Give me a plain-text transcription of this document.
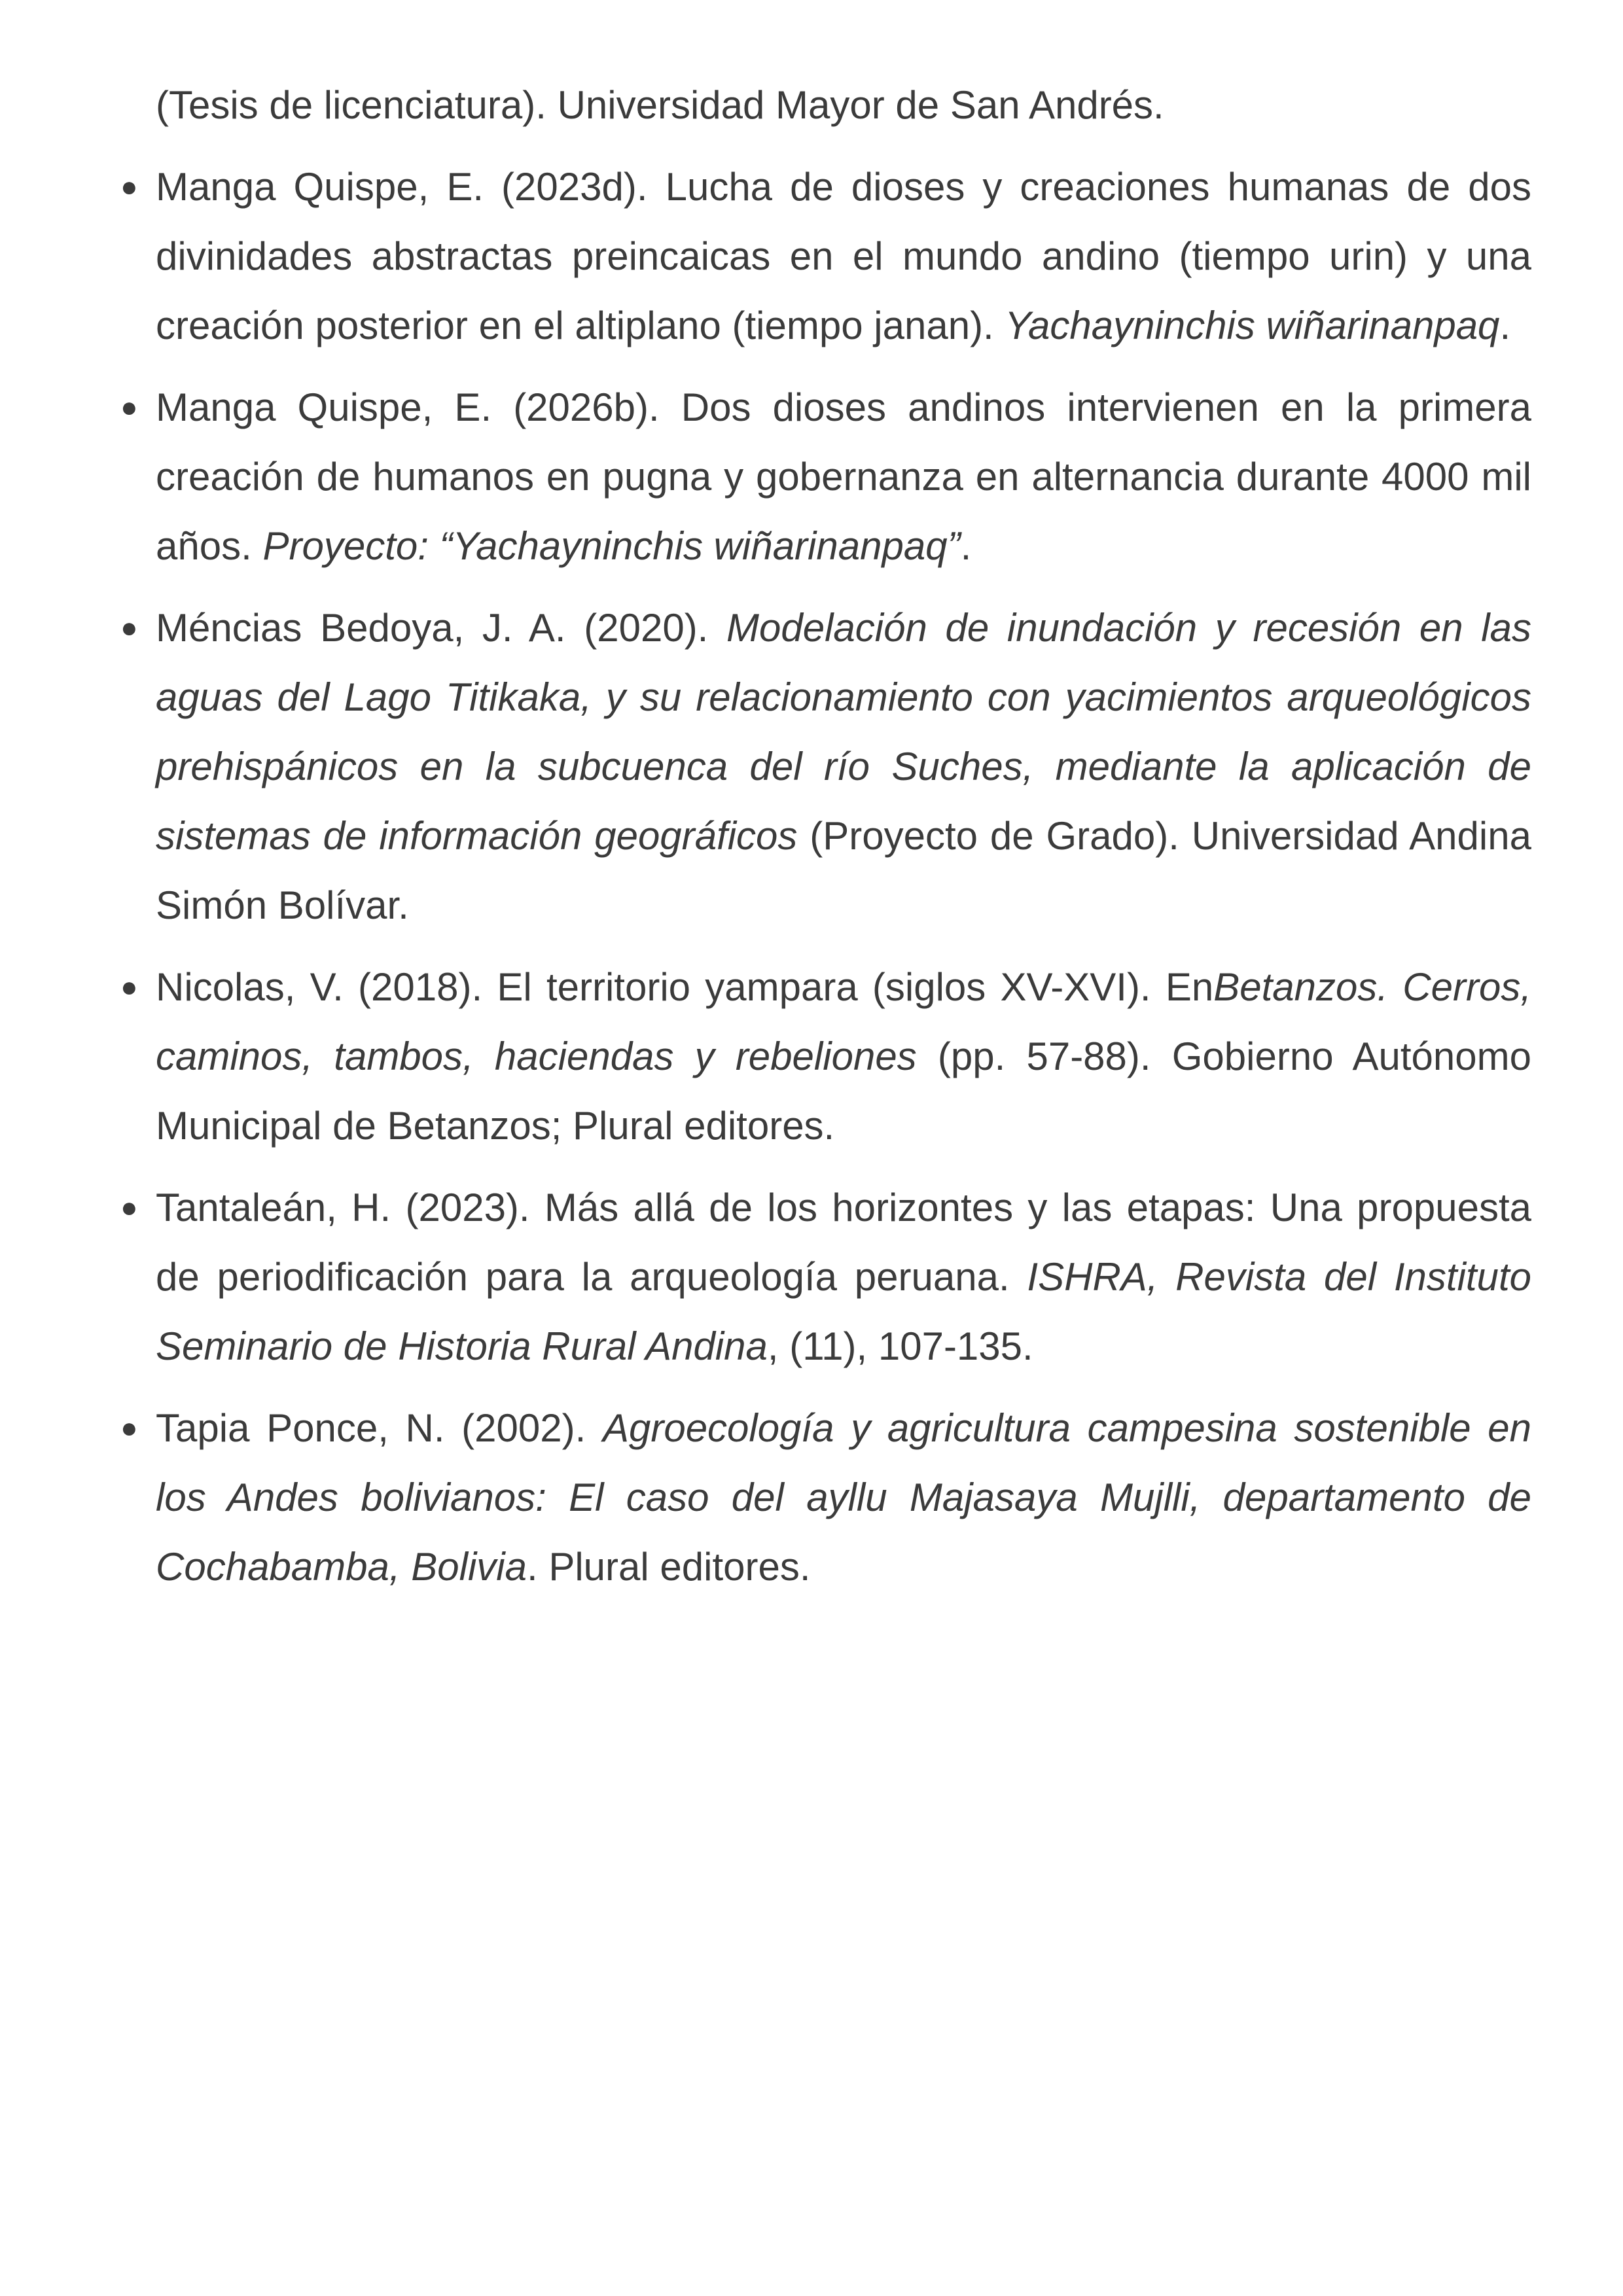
(Tesis de licenciatura). Universidad Mayor de San Andrés.

● Manga Quispe, E. (2023d). Lucha de dioses y creaciones humanas de dos divinidades abstractas preincaicas en el mundo andino (tiempo urin) y una creación posterior en el altiplano (tiempo janan). Yachayninchis wiñarinanpaq.
● Manga Quispe, E. (2026b). Dos dioses andinos intervienen en la primera creación de humanos en pugna y gobernanza en alternancia durante 4000 mil años. Proyecto: “Yachayninchis wiñarinanpaq”.
● Méncias Bedoya, J. A. (2020). Modelación de inundación y recesión en las aguas del Lago Titikaka, y su relacionamiento con yacimientos arqueológicos prehispánicos en la subcuenca del río Suches, mediante la aplicación de sistemas de información geográficos (Proyecto de Grado). Universidad Andina Simón Bolívar.
● Nicolas, V. (2018). El territorio yampara (siglos XV-XVI). EnBetanzos. Cerros, caminos, tambos, haciendas y rebeliones (pp. 57-88). Gobierno Autónomo Municipal de Betanzos; Plural editores.
● Tantaleán, H. (2023). Más allá de los horizontes y las etapas: Una propuesta de periodificación para la arqueología peruana. ISHRA, Revista del Instituto Seminario de Historia Rural Andina, (11), 107-135.
● Tapia Ponce, N. (2002). Agroecología y agricultura campesina sostenible en los Andes bolivianos: El caso del ayllu Majasaya Mujlli, departamento de Cochabamba, Bolivia. Plural editores.
